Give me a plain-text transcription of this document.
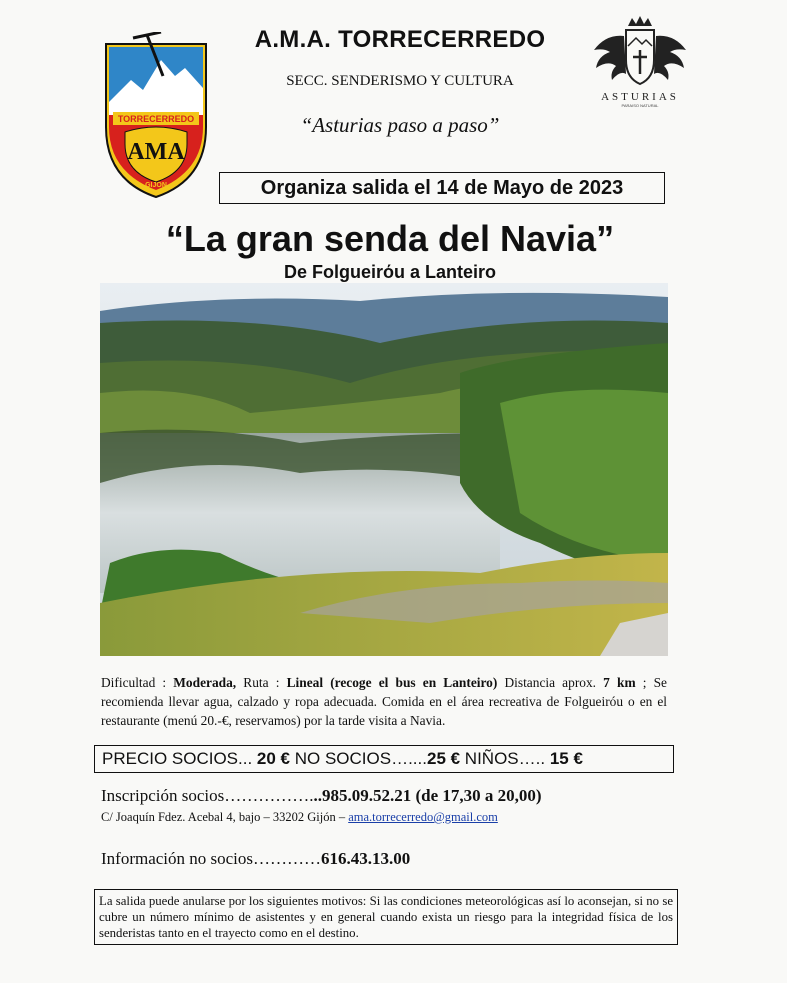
TORRECERREDO
AMA
GIJON
ASTURIAS
PARAISO NATURAL
A.M.A. TORRECERREDO
SECC. SENDERISMO Y CULTURA
“Asturias paso a paso”
Organiza salida el 14 de Mayo de 2023
“La gran senda del Navia”
De Folgueirόu a Lanteiro
Dificultad : Moderada, Ruta : Lineal (recoge el bus en Lanteiro) Distancia aprox. 7 km ; Se recomienda llevar agua, calzado y ropa adecuada. Comida en el área recreativa de Folgueiróu o en el restaurante (menú 20.-€, reservamos) por la tarde visita a Navia.
PRECIO SOCIOS... 20 € NO SOCIOS…....25 € NIÑOS….. 15 €
Inscripción socios……………...985.09.52.21 (de 17,30 a 20,00)
C/ Joaquín Fdez. Acebal 4, bajo – 33202 Gijón – ama.torrecerredo@gmail.com
Información no socios…………616.43.13.00
La salida puede anularse por los siguientes motivos: Si las condiciones meteorológicas así lo aconsejan, si no se cubre un número mínimo de asistentes y en general cuando exista un riesgo para la integridad física de los senderistas tanto en el trayecto como en el destino.
